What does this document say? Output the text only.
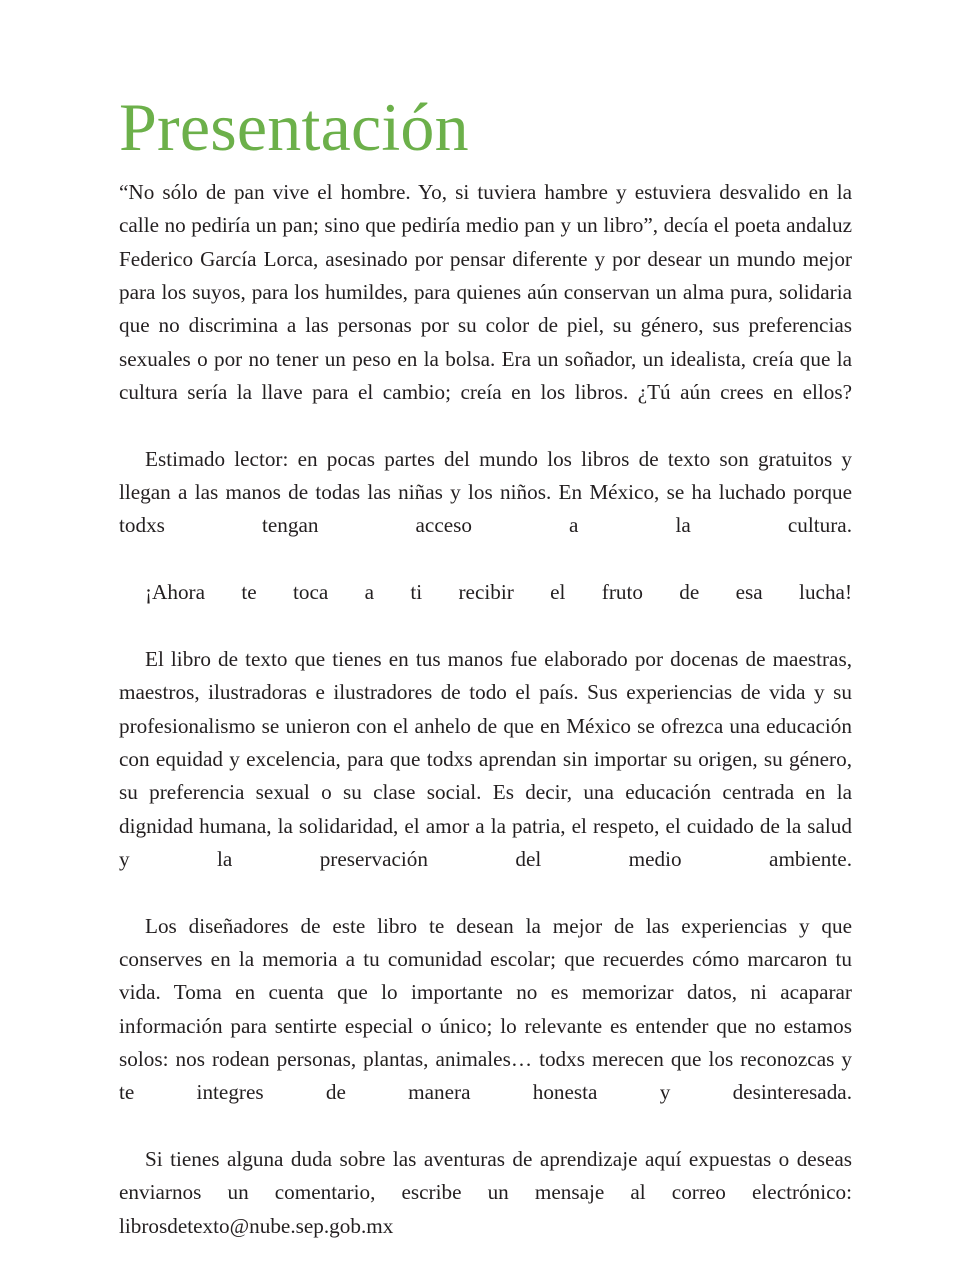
Presentación

“No sólo de pan vive el hombre. Yo, si tuviera hambre y estuviera desvalido en la calle no pediría un pan; sino que pediría medio pan y un libro”, decía el poeta andaluz Federico García Lorca, asesinado por pensar diferente y por desear un mundo mejor para los suyos, para los humildes, para quienes aún conservan un alma pura, solidaria que no discrimina a las personas por su color de piel, su género, sus preferencias sexuales o por no tener un peso en la bolsa. Era un soñador, un idealista, creía que la cultura sería la llave para el cambio; creía en los libros. ¿Tú aún crees en ellos?

Estimado lector: en pocas partes del mundo los libros de texto son gratuitos y llegan a las manos de todas las niñas y los niños. En México, se ha luchado porque todxs tengan acceso a la cultura.

¡Ahora te toca a ti recibir el fruto de esa lucha!

El libro de texto que tienes en tus manos fue elaborado por docenas de maestras, maestros, ilustradoras e ilustradores de todo el país. Sus experiencias de vida y su profesionalismo se unieron con el anhelo de que en México se ofrezca una educación con equidad y excelencia, para que todxs aprendan sin importar su origen, su género, su preferencia sexual o su clase social. Es decir, una educación centrada en la dignidad humana, la solidaridad, el amor a la patria, el respeto, el cuidado de la salud y la preservación del medio ambiente.

Los diseñadores de este libro te desean la mejor de las experiencias y que conserves en la memoria a tu comunidad escolar; que recuerdes cómo marcaron tu vida. Toma en cuenta que lo importante no es memorizar datos, ni acaparar información para sentirte especial o único; lo relevante es entender que no estamos solos: nos rodean personas, plantas, animales… todxs merecen que los reconozcas y te integres de manera honesta y desinteresada.

Si tienes alguna duda sobre las aventuras de aprendizaje aquí expuestas o deseas enviarnos un comentario, escribe un mensaje al correo electrónico: librosdetexto@nube.sep.gob.mx
